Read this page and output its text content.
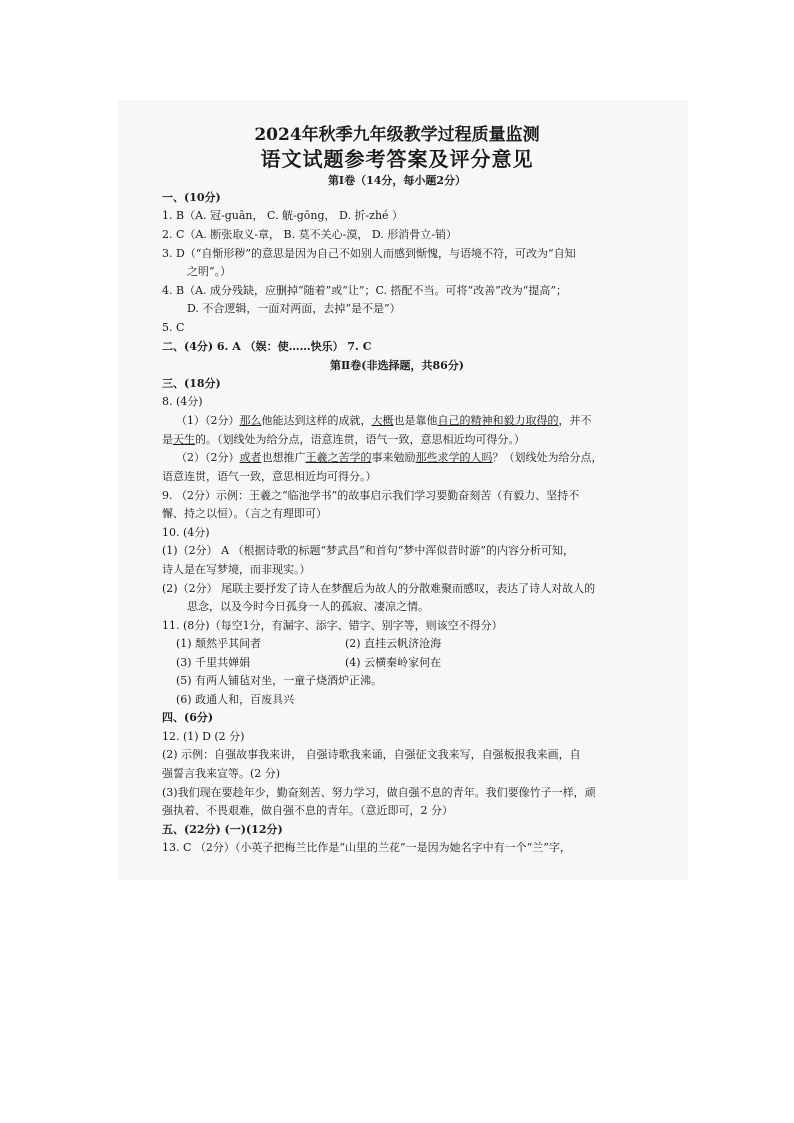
2024年秋季九年级教学过程质量监测
语文试题参考答案及评分意见
第Ⅰ卷（14分，每小题2分）
一、(10分)
1. B（A. 冠-guān， C. 觥-gōng， D. 折-zhé ）
2. C（A. 断张取义-章， B. 莫不关心-漠， D. 形消骨立-销）
3. D（“自惭形秽”的意思是因为自己不如别人而感到惭愧，与语境不符，可改为“自知
之明”。）
4. B（A. 成分残缺，应删掉“随着”或“让”；C. 搭配不当。可将“改善”改为“提高”；
D. 不合逻辑，一面对两面，去掉“是不是”）
5. C
二、(4分) 6. A （娱：使……快乐） 7. C
第Ⅱ卷(非选择题，共86分)
三、(18分)
8. (4分)
（1）（2分）那么他能达到这样的成就，大概也是靠他自己的精神和毅力取得的，并不
是天生的。（划线处为给分点，语意连贯，语气一致，意思相近均可得分。）
（2）（2分）或者也想推广王羲之苦学的事来勉励那些求学的人吗？（划线处为给分点，
语意连贯，语气一致，意思相近均可得分。）
9. （2分）示例：王羲之“临池学书”的故事启示我们学习要勤奋刻苦（有毅力、坚持不
懈、持之以恒）。（言之有理即可）
10. (4分)
(1)（2分） A （根据诗歌的标题“梦武昌”和首句“梦中浑似昔时游”的内容分析可知，
诗人是在写梦境，而非现实。）
(2)（2分） 尾联主要抒发了诗人在梦醒后为故人的分散难聚而感叹，表达了诗人对故人的
思念，以及今时今日孤身一人的孤寂、凄凉之情。
11. (8分)（每空1分，有漏字、添字、错字、别字等，则该空不得分）
(1) 颓然乎其间者	(2) 直挂云帆济沧海
(3) 千里共婵娟	(4) 云横秦岭家何在
(5) 有两人铺毡对坐，一童子烧酒炉正沸。
(6) 政通人和，百废具兴
四、(6分)
12. (1) D (2 分)
(2) 示例：自强故事我来讲， 自强诗歌我来诵，自强征文我来写，自强板报我来画，自
强誓言我来宣等。(2 分)
(3)我们现在要趁年少，勤奋刻苦、努力学习，做自强不息的青年。我们要像竹子一样，顽
强执着、不畏艰难，做自强不息的青年。（意近即可，2 分）
五、(22分) (一)(12分)
13. C （2分）（小英子把梅兰比作是“山里的兰花”一是因为她名字中有一个“兰”字，
